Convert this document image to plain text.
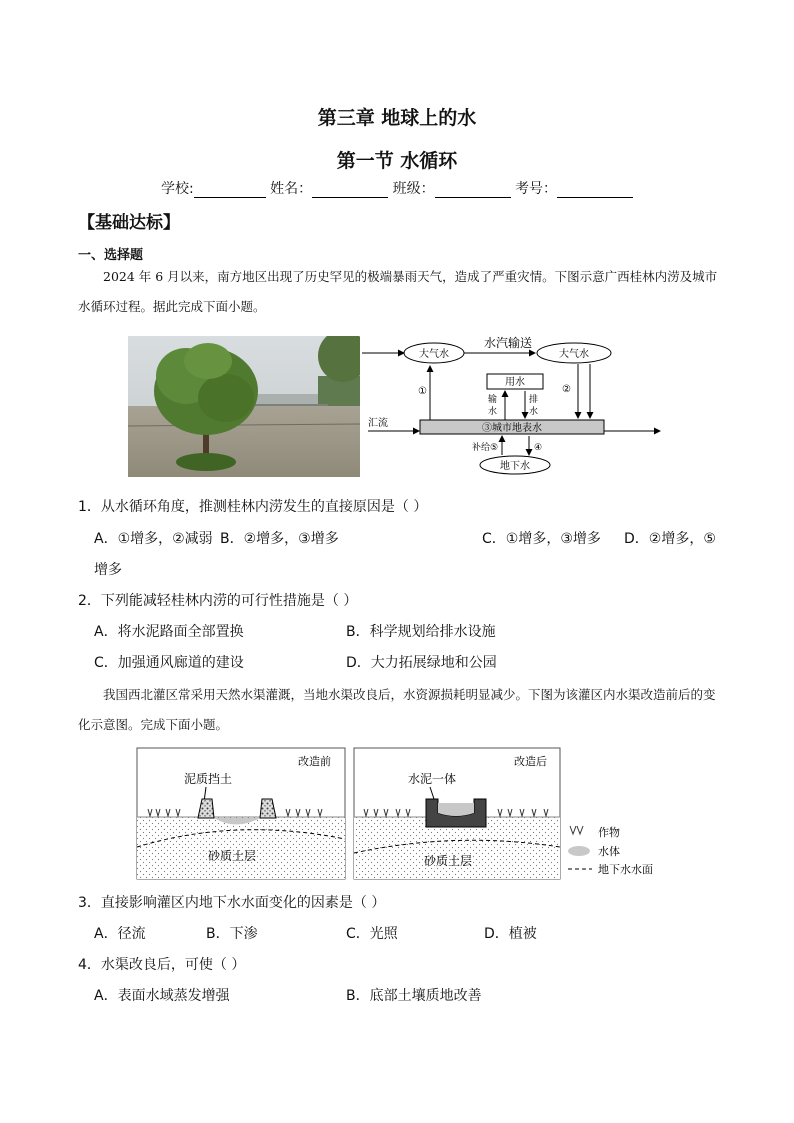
第三章 地球上的水
第一节 水循环
学校:	姓名：	班级：	考号：
【基础达标】
一、选择题
2024 年 6 月以来，南方地区出现了历史罕见的极端暴雨天气，造成了严重灾情。下图示意广西桂林内涝及城市水循环过程。据此完成下面小题。
大气水	大气水
水汽输送
①	②
用水
输
水
排
水
汇流	③城市地表水
地下水
补给 ⑤	④
1．从水循环角度，推测桂林内涝发生的直接原因是（ ）
A．①增多，②减弱 B．②增多，③增多	C．①增多，③增多 D．②增多，⑤
增多
2．下列能减轻桂林内涝的可行性措施是（ ）
A．将水泥路面全部置换	B．科学规划给排水设施
C．加强通风廊道的建设	D．大力拓展绿地和公园
我国西北灌区常采用天然水渠灌溉，当地水渠改良后，水资源损耗明显减少。下图为该灌区内水渠改造前后的变化示意图。完成下面小题。
改造前
泥质挡土
砂质土层
改造后
水泥一体
砂质土层
作物
水体
地下水水面
3．直接影响灌区内地下水水面变化的因素是（ ）
A．径流	B．下渗	C．光照	D．植被
4．水渠改良后，可使（ ）
A．表面水域蒸发增强	B．底部土壤质地改善
